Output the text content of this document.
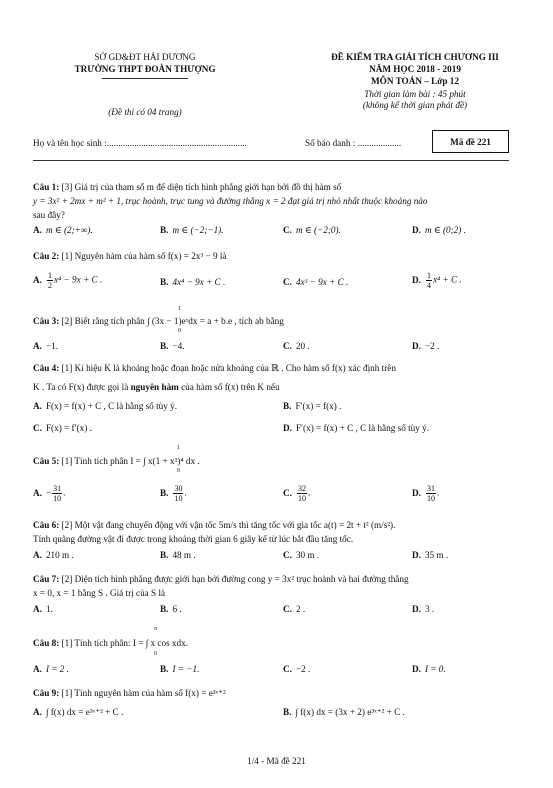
SỞ GD&ĐT HẢI DƯƠNG
TRƯỜNG THPT ĐOÀN THƯỢNG
(Đề thi có 04 trang)
ĐỀ KIỂM TRA GIẢI TÍCH CHƯƠNG III
NĂM HỌC 2018 - 2019
MÔN TOÁN – Lớp 12
Thời gian làm bài : 45 phút
(không kể thời gian phát đề)
Họ và tên học sinh :.............................................................	Số báo danh : ...................	Mã đề 221
Câu 1: [3] Giá trị của tham số m để diện tích hình phẳng giới hạn bởi đồ thị hàm số
y = 3x² + 2mx + m² + 1, trục hoành, trục tung và đường thẳng x = 2 đạt giá trị nhỏ nhất thuộc khoảng nào
sau đây?
A. m ∈ (2;+∞).	B. m ∈ (−2;−1).	C. m ∈ (−2;0).	D. m ∈ (0;2) .
Câu 2: [1] Nguyên hàm của hàm số f(x) = 2x³ − 9 là
A. $\frac{1}{2} x^4 - 9x + C$ .	B. 4x⁴ − 9x + C .	C. 4x³ − 9x + C .	D. $\frac{1}{4} x^4 + C$ .
Câu 3: [2] Biết rằng tích phân ∫ (3x − 1)eˣdx = a + b.e , tích ab bằng
1
0
A. −1.	B. −4.	C. 20 .	D. −2 .
Câu 4: [1] Kí hiệu K là khoảng hoặc đoạn hoặc nửa khoảng của ℝ . Cho hàm số f(x) xác định trên
K . Ta có F(x) được gọi là nguyên hàm của hàm số f(x) trên K nếu
A. F(x) = f(x) + C , C là hằng số tùy ý.	B. F′(x) = f(x) .
C. F(x) = f′(x) .	D. F′(x) = f(x) + C , C là hằng số tùy ý.
Câu 5: [1] Tính tích phân I = ∫ x(1 + x²)⁴ dx .
1
0
A. − $\frac{31}{10}$ .	B. $\frac{30}{10}$ .	C. $\frac{32}{10}$ .	D. $\frac{31}{10}$ .
Câu 6: [2] Một vật đang chuyển động với vận tốc 5m/s thì tăng tốc với gia tốc a(t) = 2t + t² (m/s²).
Tính quãng đường vật đi được trong khoảng thời gian 6 giây kể từ lúc bắt đầu tăng tốc.
A. 210 m .	B. 48 m .	C. 30 m .	D. 35 m .
Câu 7: [2] Diện tích hình phẳng được giới hạn bởi đường cong y = 3x² trục hoành và hai đường thẳng
x = 0, x = 1 bằng S . Giá trị của S là
A. 1.	B. 6 .	C. 2 .	D. 3 .
Câu 8: [1] Tính tích phân: I = ∫ x cos xdx.
π
0
A. I = 2 .	B. I = −1.	C. −2 .	D. I = 0.
Câu 9: [1] Tính nguyên hàm của hàm số f(x) = e³ˣ⁺²
A. ∫ f(x) dx = e³ˣ⁺² + C .	B. ∫ f(x) dx = (3x + 2) e³ˣ⁺² + C .
1/4 - Mã đề 221
